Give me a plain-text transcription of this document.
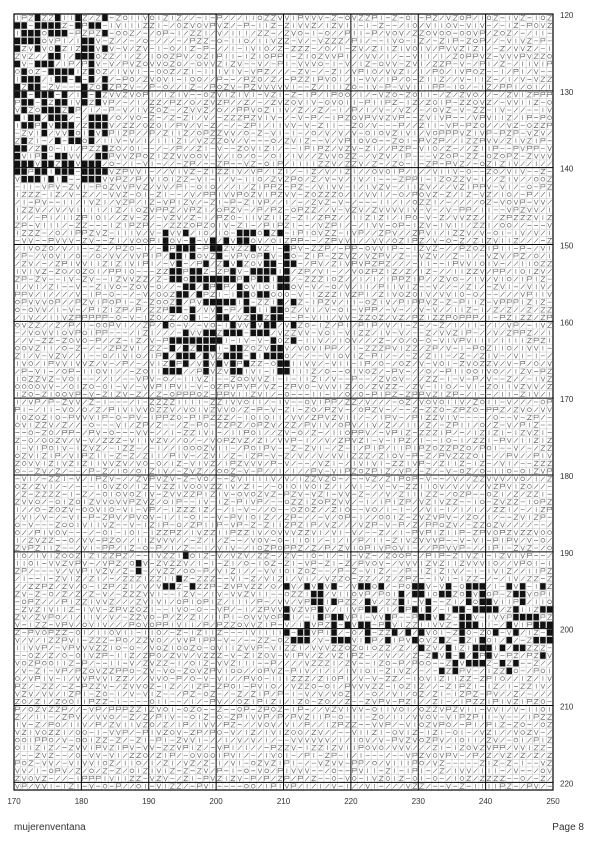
120
130
140
150
160
170
180
190
200
210
220
170	180	190	200	210	220	230	240	250
mujerenventana	Page 8
